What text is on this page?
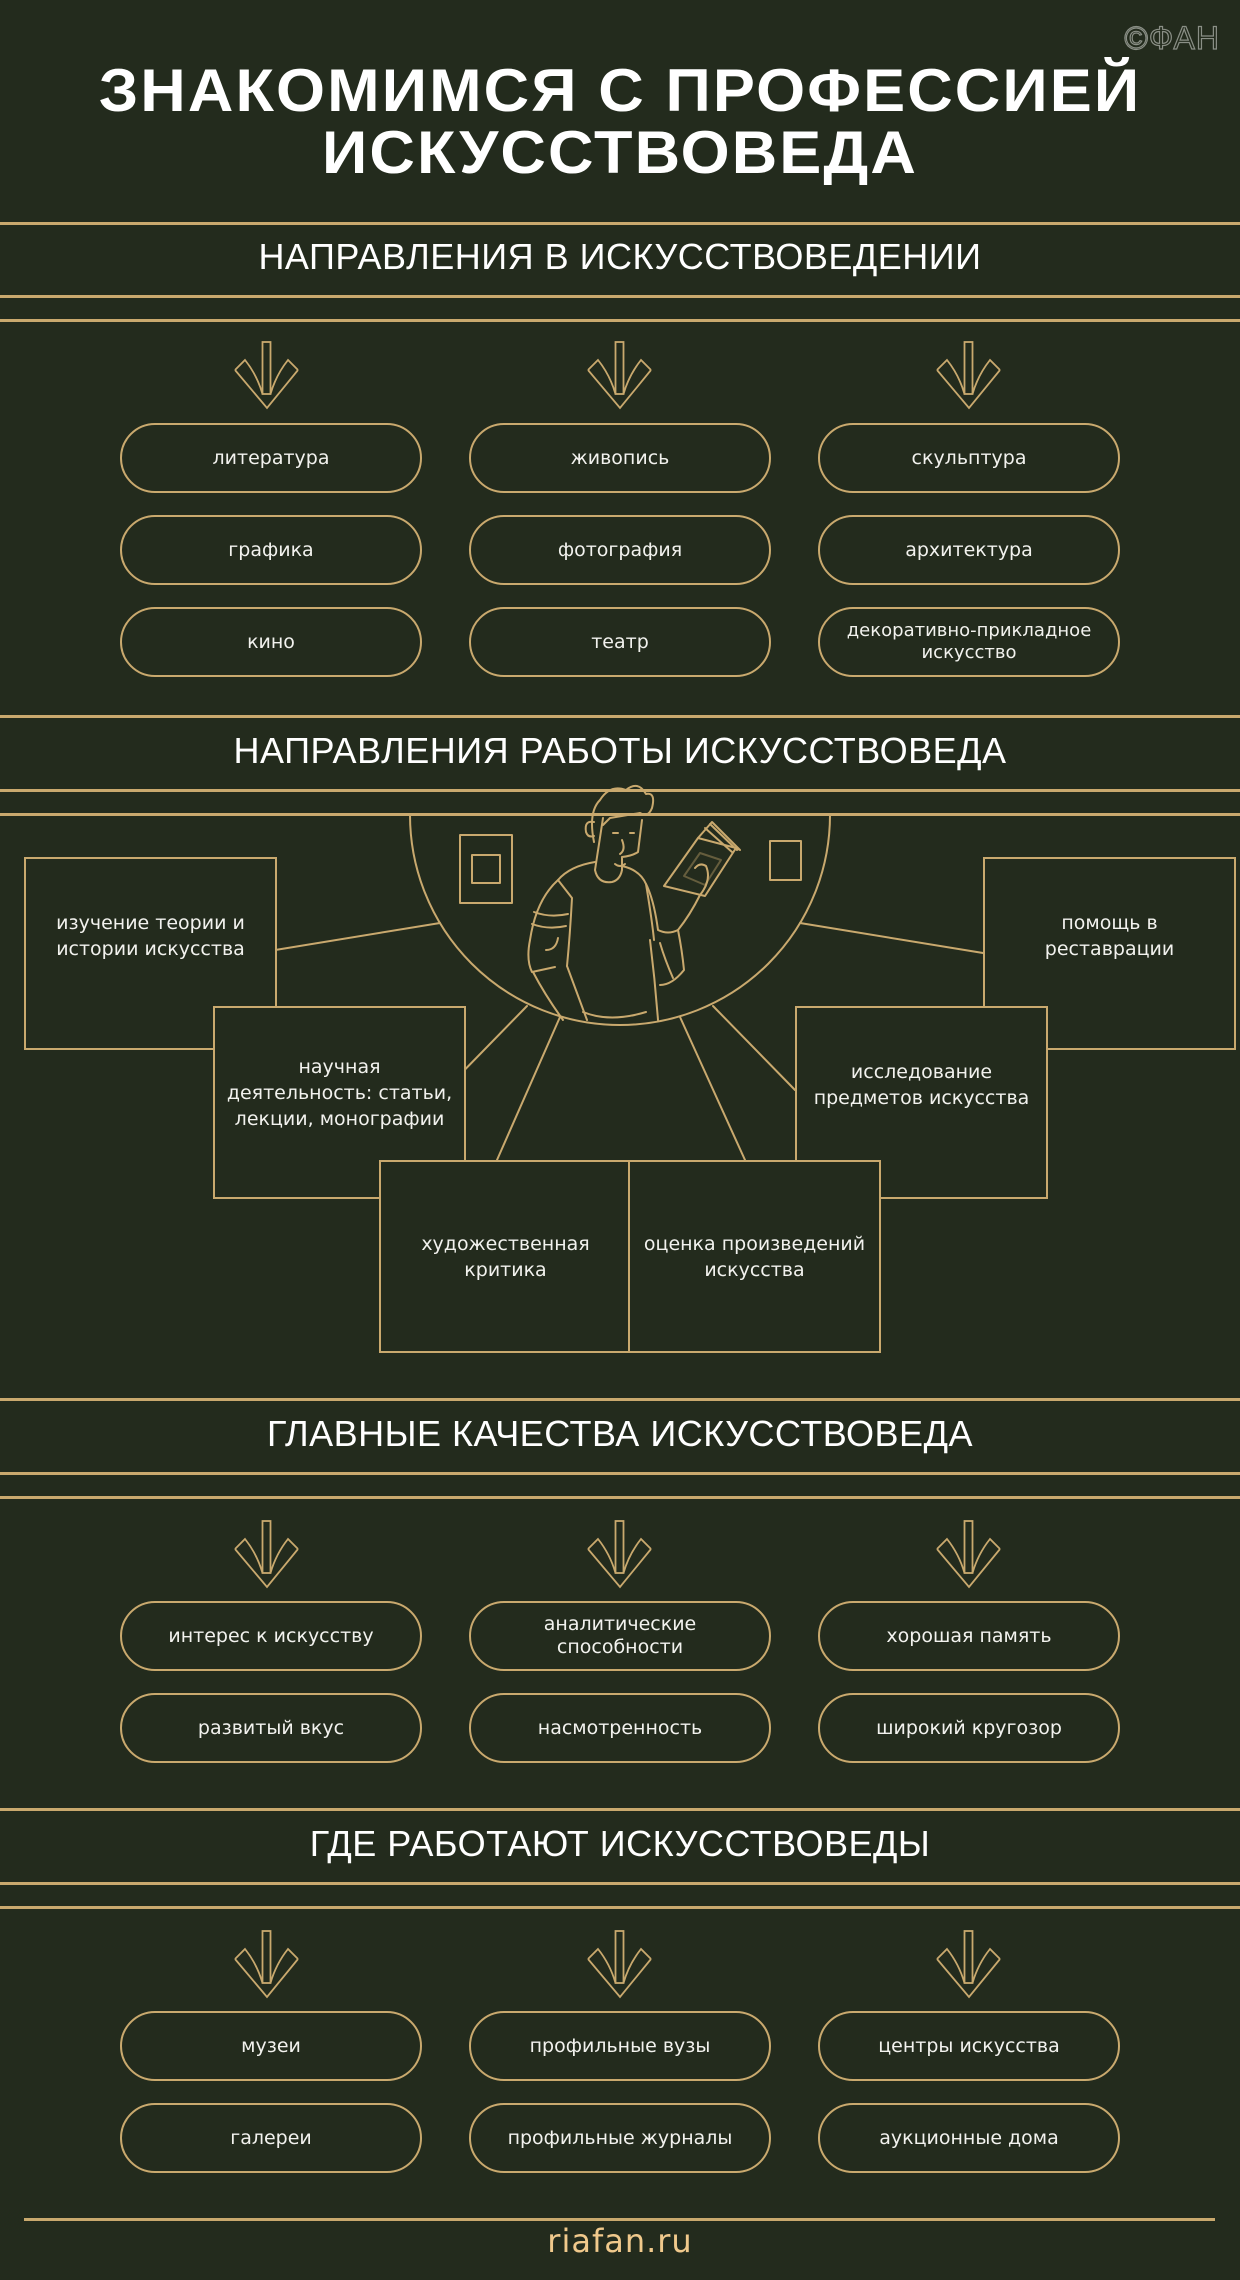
©ФАН
ЗНАКОМИМСЯ С ПРОФЕССИЕЙ
ИСКУССТВОВЕДА
НАПРАВЛЕНИЯ В ИСКУССТВОВЕДЕНИИ
литература	живопись	скульптура
графика	фотография	архитектура
кино	театр	декоративно-прикладное искусство
НАПРАВЛЕНИЯ РАБОТЫ ИСКУССТВОВЕДА
изучение теории и истории искусства
помощь в реставрации
научная деятельность: статьи, лекции, монографии
исследование предметов искусства
художественная критика
оценка произведений искусства
ГЛАВНЫЕ КАЧЕСТВА ИСКУССТВОВЕДА
интерес к искусству
аналитические способности
хорошая память
развитый вкус	насмотренность	широкий кругозор
ГДЕ РАБОТАЮТ ИСКУССТВОВЕДЫ
музеи	профильные вузы	центры искусства
галереи	профильные журналы	аукционные дома
riafan.ru
